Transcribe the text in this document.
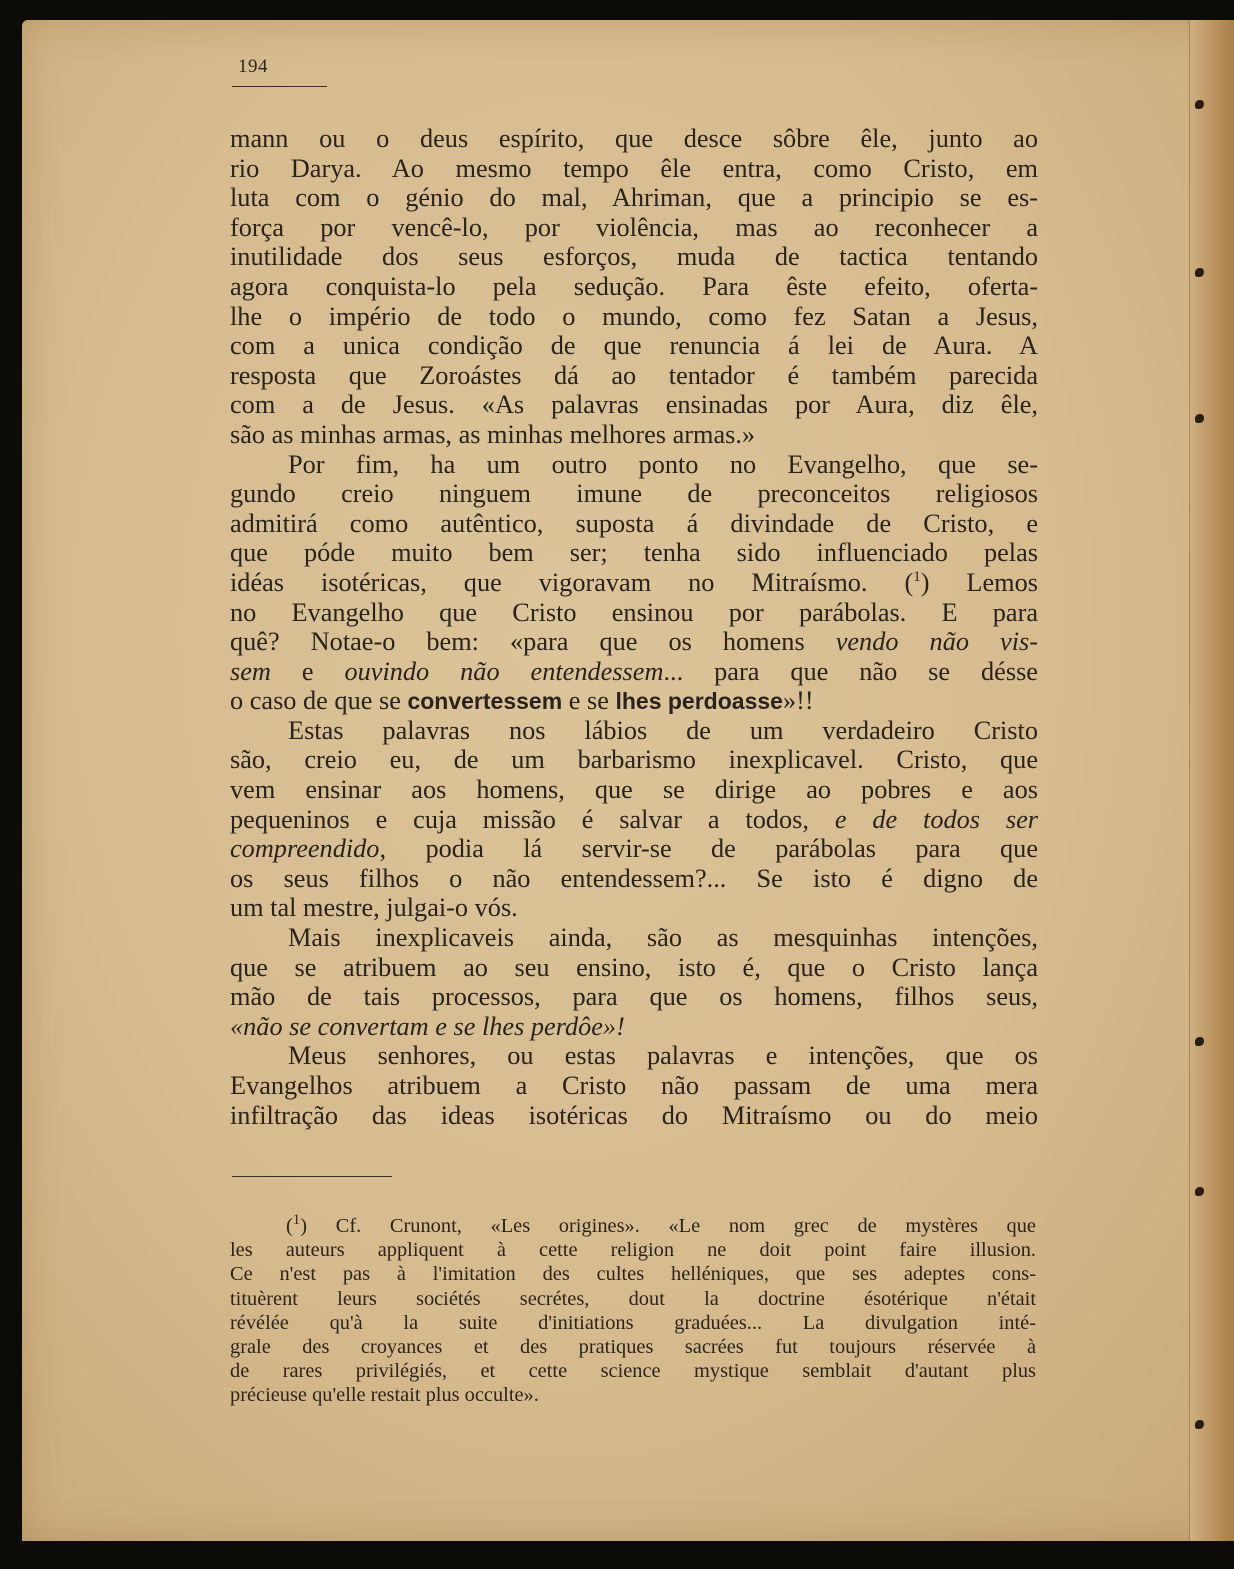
194
mann ou o deus espírito, que desce sôbre êle, junto ao
rio Darya. Ao mesmo tempo êle entra, como Cristo, em
luta com o génio do mal, Ahriman, que a principio se es-
força por vencê-lo, por violência, mas ao reconhecer a
inutilidade dos seus esforços, muda de tactica tentando
agora conquista-lo pela sedução. Para êste efeito, oferta-
lhe o império de todo o mundo, como fez Satan a Jesus,
com a unica condição de que renuncia á lei de Aura. A
resposta que Zoroástes dá ao tentador é também parecida
com a de Jesus. «As palavras ensinadas por Aura, diz êle,
são as minhas armas, as minhas melhores armas.»
Por fim, ha um outro ponto no Evangelho, que se-
gundo creio ninguem imune de preconceitos religiosos
admitirá como autêntico, suposta á divindade de Cristo, e
que póde muito bem ser; tenha sido influenciado pelas
idéas isotéricas, que vigoravam no Mitraísmo. ($^1$) Lemos
no Evangelho que Cristo ensinou por parábolas. E para
quê? Notae-o bem: «para que os homens vendo não vis-
sem e ouvindo não entendessem... para que não se désse
o caso de que se convertessem e se lhes perdoasse»!!
Estas palavras nos lábios de um verdadeiro Cristo
são, creio eu, de um barbarismo inexplicavel. Cristo, que
vem ensinar aos homens, que se dirige ao pobres e aos
pequeninos e cuja missão é salvar a todos, e de todos ser
compreendido, podia lá servir-se de parábolas para que
os seus filhos o não entendessem?... Se isto é digno de
um tal mestre, julgai-o vós.
Mais inexplicaveis ainda, são as mesquinhas intenções,
que se atribuem ao seu ensino, isto é, que o Cristo lança
mão de tais processos, para que os homens, filhos seus,
«não se convertam e se lhes perdôe»!
Meus senhores, ou estas palavras e intenções, que os
Evangelhos atribuem a Cristo não passam de uma mera
infiltração das ideas isotéricas do Mitraísmo ou do meio
($^1$) Cf. Crunont, «Les origines». «Le nom grec de mystères que
les auteurs appliquent à cette religion ne doit point faire illusion.
Ce n'est pas à l'imitation des cultes helléniques, que ses adeptes cons-
tituèrent leurs sociétés secrétes, dout la doctrine ésotérique n'était
révélée qu'à la suite d'initiations graduées... La divulgation inté-
grale des croyances et des pratiques sacrées fut toujours réservée à
de rares privilégiés, et cette science mystique semblait d'autant plus
précieuse qu'elle restait plus occulte».
